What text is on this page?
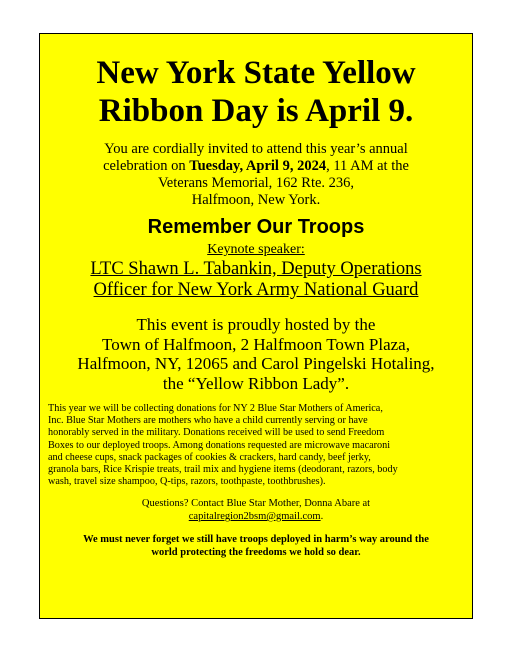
New York State Yellow
Ribbon Day is April 9.
You are cordially invited to attend this year’s annual
celebration on Tuesday, April 9, 2024, 11 AM at the
Veterans Memorial, 162 Rte. 236,
Halfmoon, New York.
Remember Our Troops
Keynote speaker:
LTC Shawn L. Tabankin, Deputy Operations
Officer for New York Army National Guard
This event is proudly hosted by the
Town of Halfmoon, 2 Halfmoon Town Plaza,
Halfmoon, NY, 12065 and Carol Pingelski Hotaling,
the “Yellow Ribbon Lady”.
This year we will be collecting donations for NY 2 Blue Star Mothers of America,
Inc. Blue Star Mothers are mothers who have a child currently serving or have
honorably served in the military. Donations received will be used to send Freedom
Boxes to our deployed troops. Among donations requested are microwave macaroni
and cheese cups, snack packages of cookies & crackers, hard candy, beef jerky,
granola bars, Rice Krispie treats, trail mix and hygiene items (deodorant, razors, body
wash, travel size shampoo, Q-tips, razors, toothpaste, toothbrushes).
Questions? Contact Blue Star Mother, Donna Abare at
capitalregion2bsm@gmail.com.
We must never forget we still have troops deployed in harm’s way around the
world protecting the freedoms we hold so dear.
